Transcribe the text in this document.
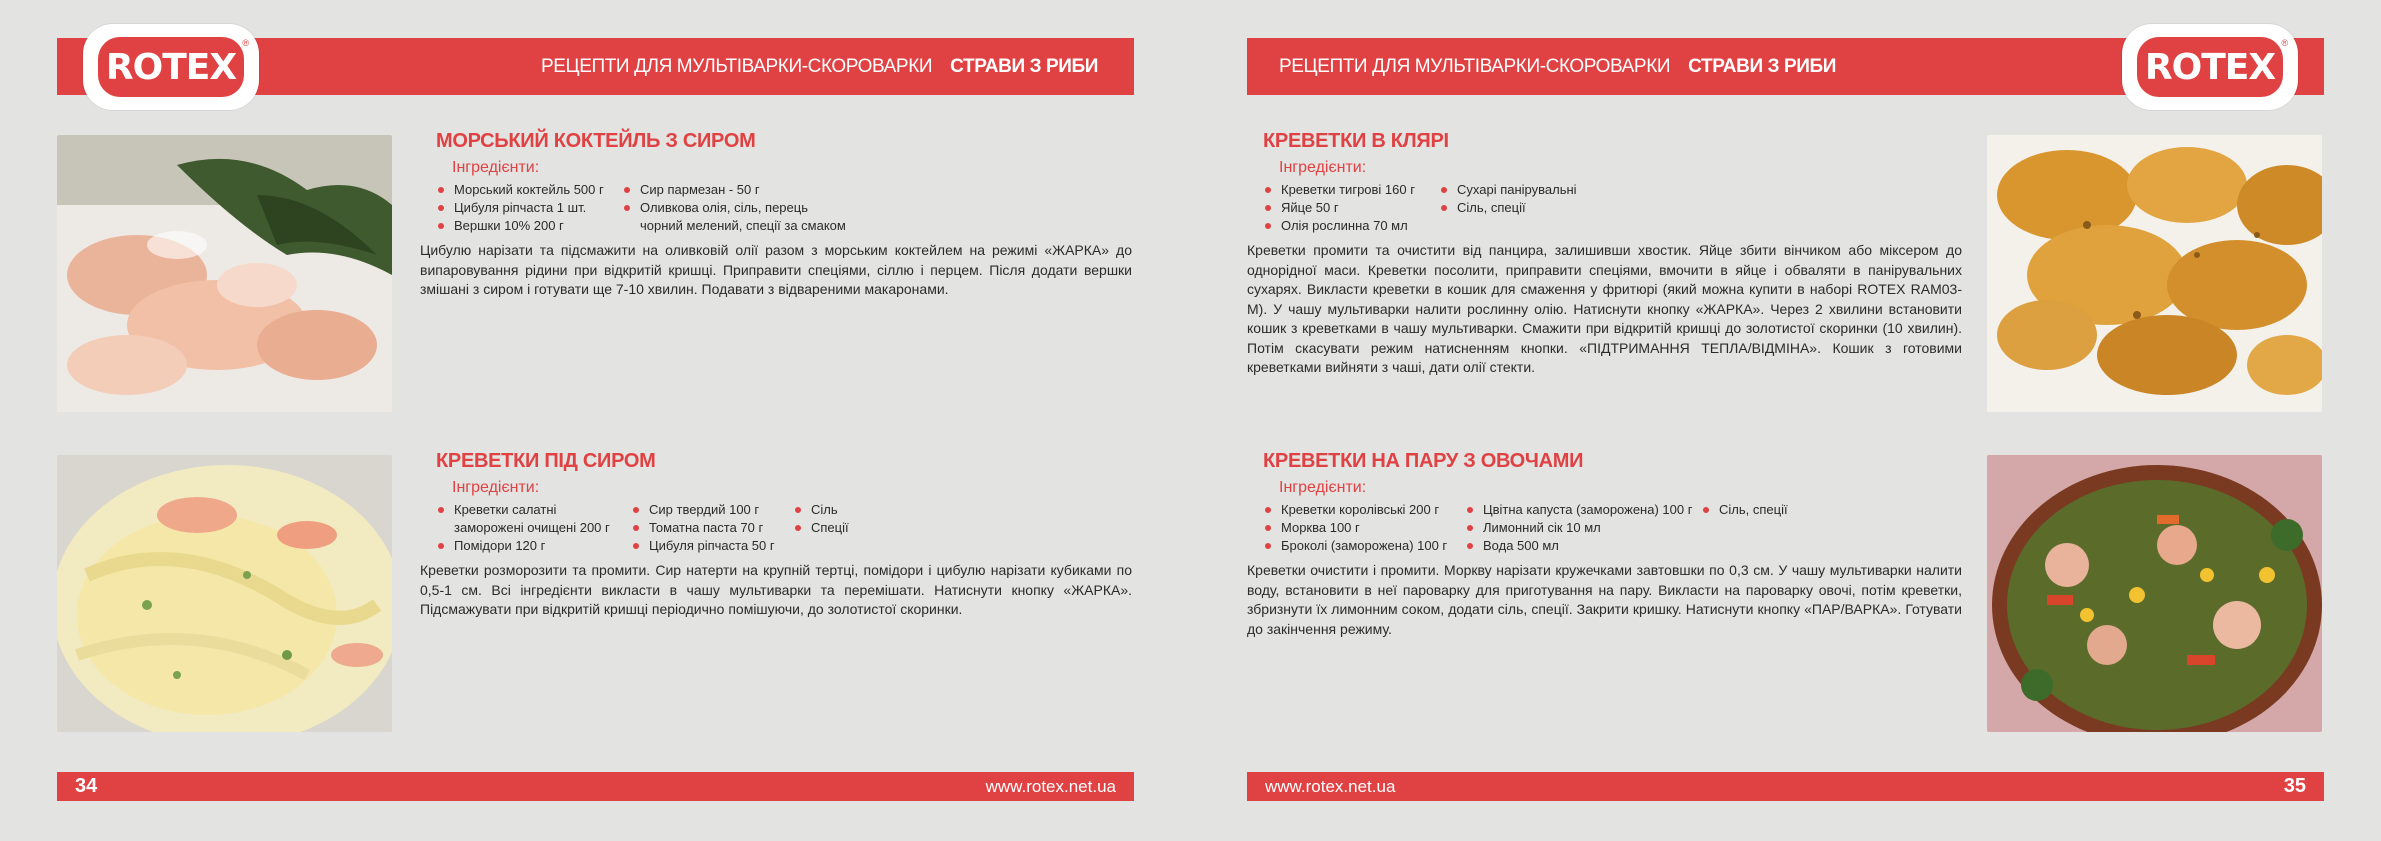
РЕЦЕПТИ ДЛЯ МУЛЬТІВАРКИ-СКОРОВАРКИ СТРАВИ З РИБИ
ROTEX
®
МОРСЬКИЙ КОКТЕЙЛЬ З СИРОМ
Інгредієнти:
Морський коктейль 500 г
Цибуля ріпчаста 1 шт.
Вершки 10% 200 г
Сир пармезан - 50 г
Оливкова олія, сіль, перець
чорний мелений, спеції за смаком

Цибулю нарізати та підсмажити на оливковій олії разом з морським коктейлем на режимі «ЖАРКА» до випаровування рідини при відкритій кришці. Приправити спеціями, сіллю і перцем. Після додати вершки змішані з сиром і готувати ще 7-10 хвилин. Подавати з відвареними макаронами.

КРЕВЕТКИ ПІД СИРОМ
Інгредієнти:
Креветки салатні
заморожені очищені 200 г
Помідори 120 г
Сир твердий 100 г
Томатна паста 70 г
Цибуля ріпчаста 50 г
Сіль
Спеції

Креветки розморозити та промити. Сир натерти на крупній тертці, помідори і цибулю нарізати кубиками по 0,5-1 см. Всі інгредієнти викласти в чашу мультиварки та перемішати. Натиснути кнопку «ЖАРКА». Підсмажувати при відкритій кришці періодично помішуючи, до золотистої скоринки.

34	www.rotex.net.ua
РЕЦЕПТИ ДЛЯ МУЛЬТІВАРКИ-СКОРОВАРКИ СТРАВИ З РИБИ	ROTEX
®
КРЕВЕТКИ В КЛЯРІ
Інгредієнти:
Креветки тигрові 160 г
Яйце 50 г
Олія рослинна 70 мл
Сухарі панірувальні
Сіль, спеції

Креветки промити та очистити від панцира, залишивши хвостик. Яйце збити вінчиком або міксером до однорідної маси. Креветки посолити, приправити спеціями, вмочити в яйце і обваляти в панірувальних сухарях. Викласти креветки в кошик для смаження у фритюрі (який можна купити в наборі ROTEX RAM03-M). У чашу мультиварки налити рослинну олію. Натиснути кнопку «ЖАРКА». Через 2 хвилини встановити кошик з креветками в чашу мультиварки. Смажити при відкритій кришці до золотистої скоринки (10 хвилин). Потім скасувати режим натисненням кнопки. «ПІДТРИМАННЯ ТЕПЛА/ВІДМІНА». Кошик з готовими креветками вийняти з чаші, дати олії стекти.

КРЕВЕТКИ НА ПАРУ З ОВОЧАМИ
Інгредієнти:
Креветки королівські 200 г
Морква 100 г
Броколі (заморожена) 100 г
Цвітна капуста (заморожена) 100 г
Лимонний сік 10 мл
Вода 500 мл
Сіль, спеції

Креветки очистити і промити. Моркву нарізати кружечками завтовшки по 0,3 см. У чашу мультиварки налити воду, встановити в неї пароварку для приготування на пару. Викласти на пароварку овочі, потім креветки, збризнути їх лимонним соком, додати сіль, спеції. Закрити кришку. Натиснути кнопку «ПАР/ВАРКА». Готувати до закінчення режиму.

www.rotex.net.ua	35
